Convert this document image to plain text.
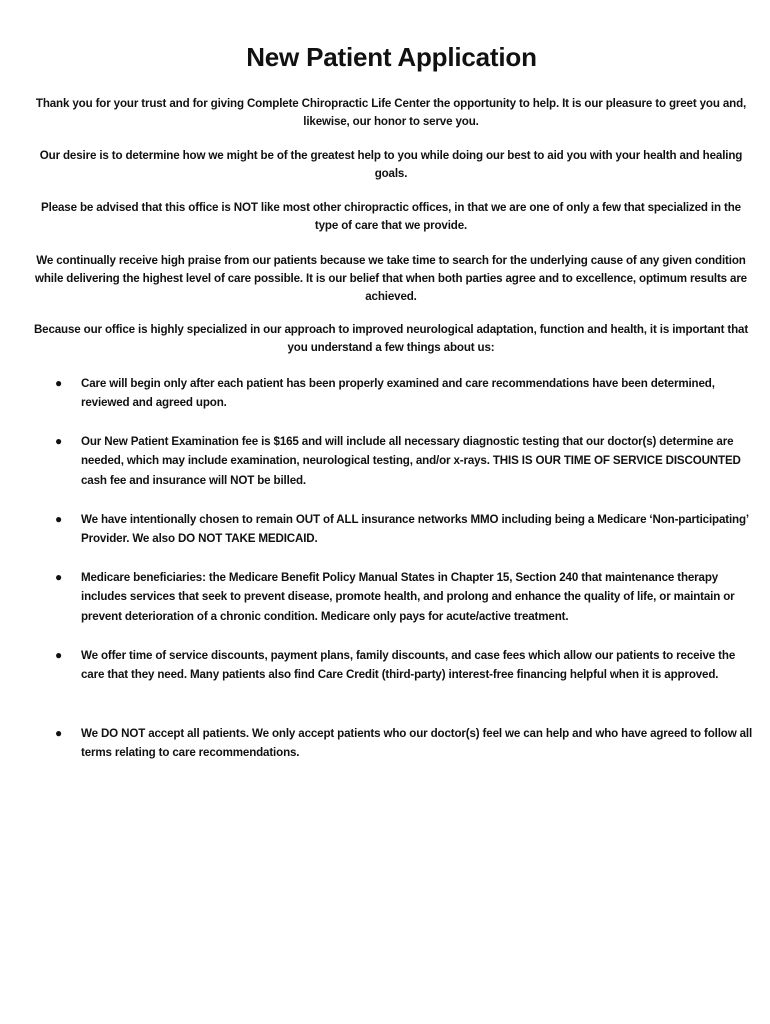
New Patient Application
Thank you for your trust and for giving Complete Chiropractic Life Center the opportunity to help. It is our pleasure to greet you and, likewise, our honor to serve you.
Our desire is to determine how we might be of the greatest help to you while doing our best to aid you with your health and healing goals.
Please be advised that this office is NOT like most other chiropractic offices, in that we are one of only a few that specialized in the type of care that we provide.
We continually receive high praise from our patients because we take time to search for the underlying cause of any given condition while delivering the highest level of care possible. It is our belief that when both parties agree and to excellence, optimum results are achieved.
Because our office is highly specialized in our approach to improved neurological adaptation, function and health, it is important that you understand a few things about us:
● Care will begin only after each patient has been properly examined and care recommendations have been determined, reviewed and agreed upon.
● Our New Patient Examination fee is $165 and will include all necessary diagnostic testing that our doctor(s) determine are needed, which may include examination, neurological testing, and/or x-rays. THIS IS OUR TIME OF SERVICE DISCOUNTED cash fee and insurance will NOT be billed.
● We have intentionally chosen to remain OUT of ALL insurance networks MMO including being a Medicare ‘Non-participating’ Provider. We also DO NOT TAKE MEDICAID.
● Medicare beneficiaries: the Medicare Benefit Policy Manual States in Chapter 15, Section 240 that maintenance therapy includes services that seek to prevent disease, promote health, and prolong and enhance the quality of life, or maintain or prevent deterioration of a chronic condition. Medicare only pays for acute/active treatment.
● We offer time of service discounts, payment plans, family discounts, and case fees which allow our patients to receive the care that they need. Many patients also find Care Credit (third-party) interest-free financing helpful when it is approved.
● We DO NOT accept all patients. We only accept patients who our doctor(s) feel we can help and who have agreed to follow all terms relating to care recommendations.
